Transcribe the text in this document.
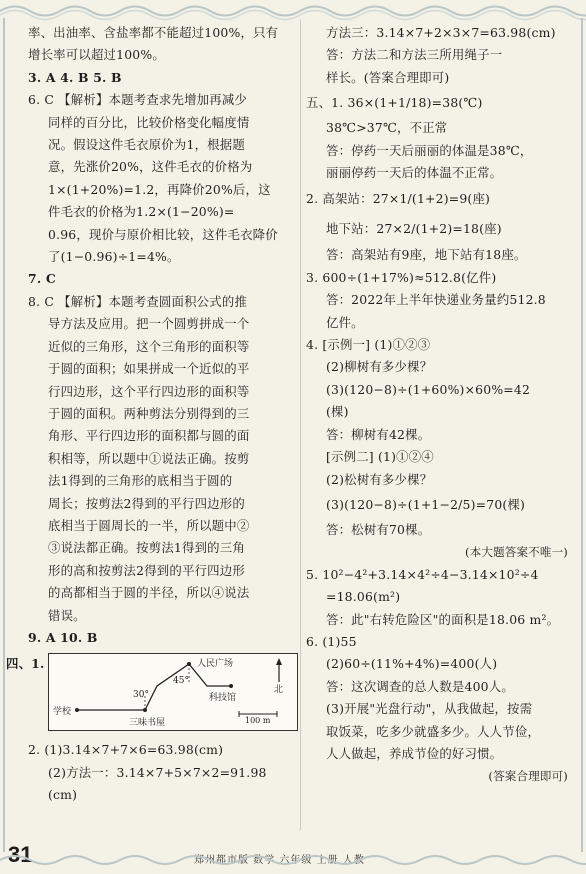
率、出油率、含盐率都不能超过100%，只有
增长率可以超过100%。
3. A 4. B 5. B
6. C 【解析】本题考查求先增加再减少
同样的百分比，比较价格变化幅度情
况。假设这件毛衣原价为1，根据题
意，先涨价20%，这件毛衣的价格为
1×(1+20%)=1.2，再降价20%后，这
件毛衣的价格为1.2×(1−20%)=
0.96，现价与原价相比较，这件毛衣降价
了(1−0.96)÷1=4%。
7. C
8. C 【解析】本题考查圆面积公式的推
导方法及应用。把一个圆剪拼成一个
近似的三角形，这个三角形的面积等
于圆的面积；如果拼成一个近似的平
行四边形，这个平行四边形的面积等
于圆的面积。两种剪法分别得到的三
角形、平行四边形的面积都与圆的面
积相等，所以题中①说法正确。按剪
法1得到的三角形的底相当于圆的
周长；按剪法2得到的平行四边形的
底相当于圆周长的一半，所以题中②
③说法都正确。按剪法1得到的三角
形的高和按剪法2得到的平行四边形
的高都相当于圆的半径，所以④说法
错误。
9. A 10. B
四、1.
学校
人民广场
三味书屋
科技馆
北
100 m
45°
30°
2. (1)3.14×7+7×6=63.98(cm)
(2)方法一：3.14×7+5×7×2=91.98
(cm)
方法三：3.14×7+2×3×7=63.98(cm)
答：方法二和方法三所用绳子一
样长。(答案合理即可)
五、1. 36×(1+1/18)=38(℃)
38℃>37℃，不正常
答：停药一天后丽丽的体温是38℃，
丽丽停药一天后的体温不正常。
2. 高架站：27×1/(1+2)=9(座)
地下站：27×2/(1+2)=18(座)
答：高架站有9座，地下站有18座。
3. 600÷(1+17%)≈512.8(亿件)
答：2022年上半年快递业务量约512.8
亿件。
4. [示例一] (1)①②③
(2)柳树有多少棵？
(3)(120−8)÷(1+60%)×60%=42
(棵)
答：柳树有42棵。
[示例二] (1)①②④
(2)松树有多少棵？
(3)(120−8)÷(1+1−2/5)=70(棵)
答：松树有70棵。
(本大题答案不唯一)
5. 10²−4²+3.14×4²÷4−3.14×10²÷4
=18.06(m²)
答：此"右转危险区"的面积是18.06 m²。
6. (1)55
(2)60÷(11%+4%)=400(人)
答：这次调查的总人数是400人。
(3)开展"光盘行动"，从我做起，按需
取饭菜，吃多少就盛多少。人人节俭，
人人做起，养成节俭的好习惯。
(答案合理即可)
31	郑州都市版 数学 六年级 上册 人教
